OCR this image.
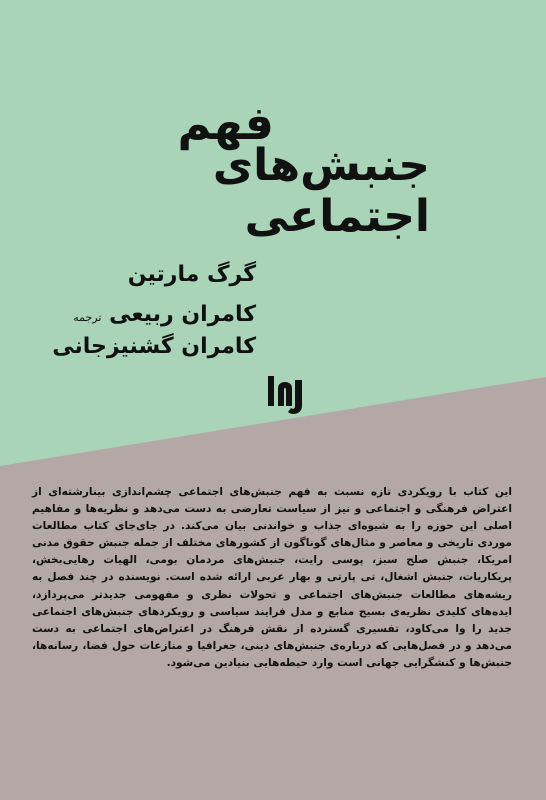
فهم
جنبش‌های اجتماعی
گرگ مارتین
کامران ربیعی ترجمه
کامران گشنیزجانی
این کتاب با رویکردی تازه نسبت به فهم جنبش‌های اجتماعی چشم‌اندازی بینارشته‌ای از اعتراض فرهنگی و اجتماعی و نیز از سیاست تعارضی به دست می‌دهد و نظریه‌ها و مفاهیم اصلی این حوزه را به شیوه‌ای جذاب و خواندنی بیان می‌کند. در جای‌جای کتاب مطالعات موردی تاریخی و معاصر و مثال‌های گوناگون از کشورهای مختلف از جمله جنبش حقوق مدنی امریکا، جنبش صلح سبز، پوسی رایت، جنبش‌های مردمان بومی، الهیات رهایی‌بخش، پریکاریات، جنبش اشغال، تی پارتی و بهار عربی ارائه شده است. نویسنده در چند فصل به ریشه‌های مطالعات جنبش‌های اجتماعی و تحولات نظری و مفهومی جدیدتر می‌پردازد، ایده‌های کلیدی نظریه‌ی بسیج منابع و مدل فرایند سیاسی و رویکردهای جنبش‌های اجتماعی جدید را وا می‌کاود، تفسیری گسترده از نقش فرهنگ در اعتراض‌های اجتماعی به دست می‌دهد و در فصل‌هایی که درباره‌ی جنبش‌های دینی، جغرافیا و منازعات حول فضا، رسانه‌ها، جنبش‌ها و کنشگرایی جهانی است وارد حیطه‌هایی بنیادین می‌شود.
